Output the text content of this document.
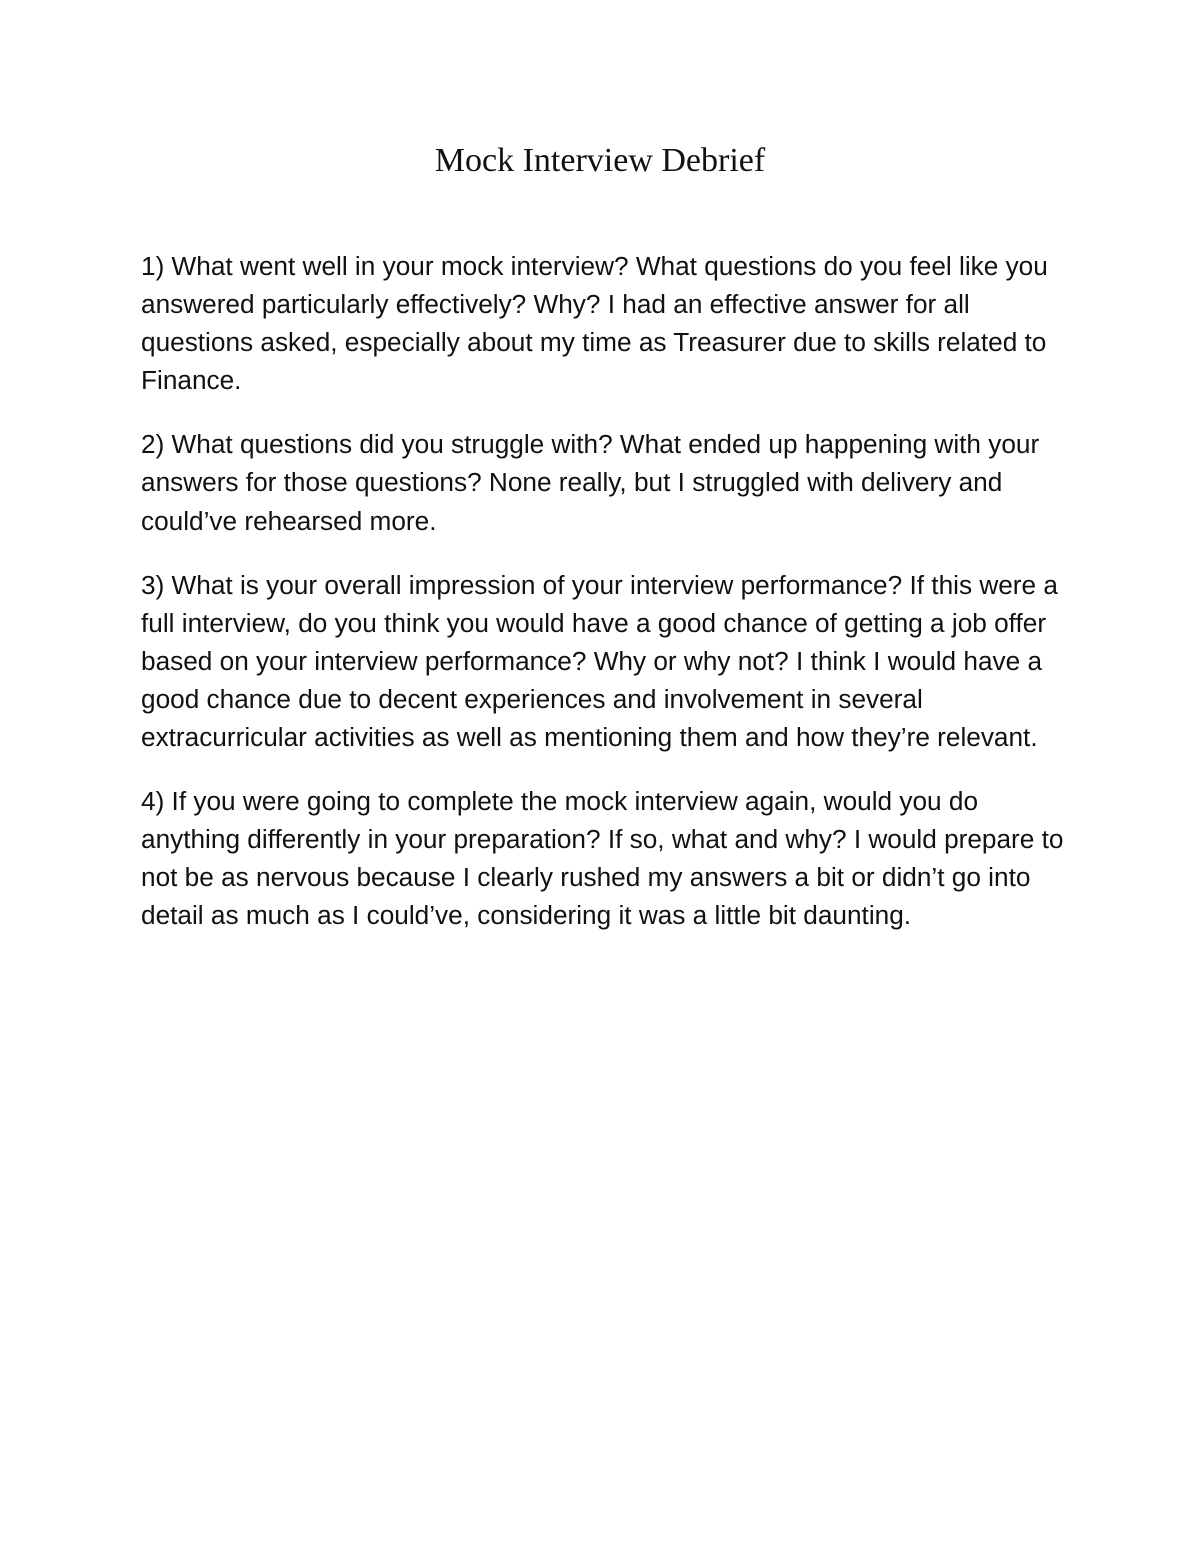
Mock Interview Debrief

1) What went well in your mock interview? What questions do you feel like you answered particularly effectively? Why? I had an effective answer for all questions asked, especially about my time as Treasurer due to skills related to Finance.

2) What questions did you struggle with? What ended up happening with your answers for those questions? None really, but I struggled with delivery and could’ve rehearsed more.

3) What is your overall impression of your interview performance? If this were a full interview, do you think you would have a good chance of getting a job offer based on your interview performance? Why or why not? I think I would have a good chance due to decent experiences and involvement in several extracurricular activities as well as mentioning them and how they’re relevant.

4) If you were going to complete the mock interview again, would you do anything differently in your preparation? If so, what and why? I would prepare to not be as nervous because I clearly rushed my answers a bit or didn’t go into detail as much as I could’ve, considering it was a little bit daunting.
